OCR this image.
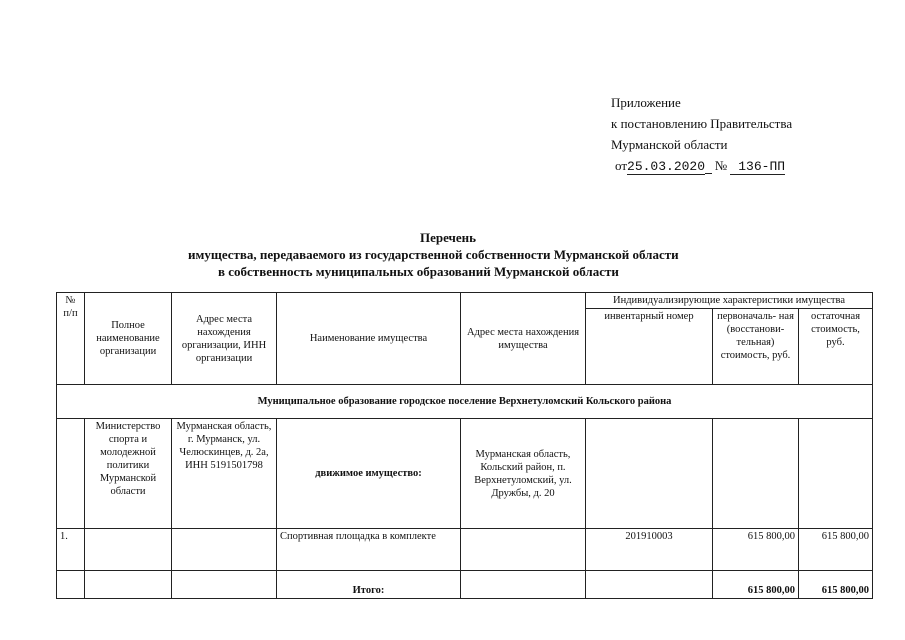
Приложение
к постановлению Правительства
Мурманской области
от25.03.2020 № 136-ПП
Перечень
имущества, передаваемого из государственной собственности Мурманской области
в собственность муниципальных образований Мурманской области
№ п/п	Полное наименование организации	Адрес места нахождения организации, ИНН организации	Наименование имущества	Адрес места нахождения имущества	Индивидуализирующие характеристики имущества		
					инвентарный номер	первоначаль- ная (восстанови- тельная) стоимость, руб.	остаточная стоимость, руб.
Муниципальное образование городское поселение Верхнетуломский Кольского района							
	Министерство спорта и молодежной политики Мурманской области	Мурманская область, г. Мурманск, ул. Челюскинцев, д. 2а, ИНН 5191501798	движимое имущество:	Мурманская область, Кольский район, п. Верхнетуломский, ул. Дружбы, д. 20			
1.			Спортивная площадка в комплекте		201910003	615 800,00	615 800,00
			Итого:			615 800,00	615 800,00
